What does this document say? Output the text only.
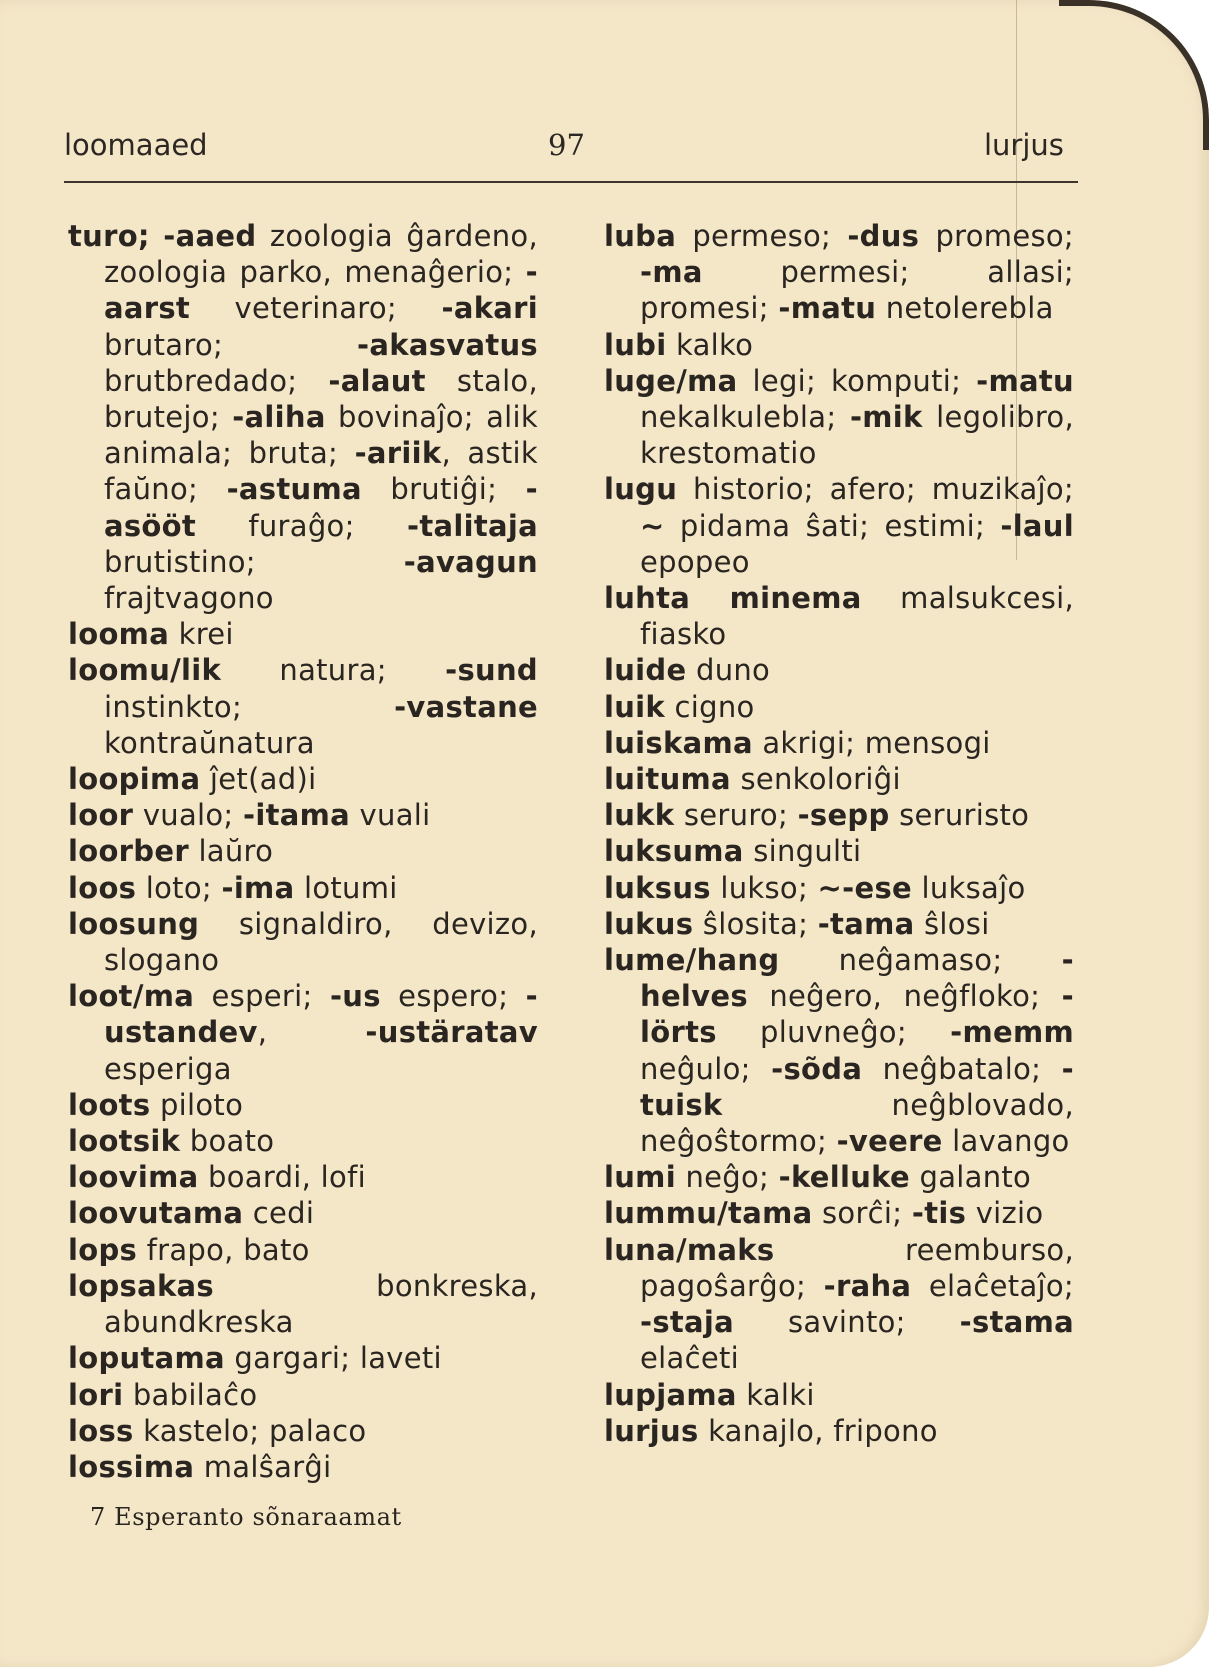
loomaaed	97	lurjus

turo; -aaed zoologia ĝardeno, zoologia parko, menaĝerio; -aarst veterinaro; -akari brutaro; -akasvatus brutbredado; -alaut stalo, brutejo; -aliha bovinaĵo; alik animala; bruta; -ariik, astik faŭno; -astuma brutiĝi; -asööt furaĝo; -talitaja brutistino; -avagun frajtvagono

looma krei

loomu/lik natura; -sund instinkto; -vastane kontraŭnatura

loopima ĵet(ad)i

loor vualo; -itama vuali

loorber laŭro

loos loto; -ima lotumi

loosung signaldiro, devizo, slogano

loot/ma esperi; -us espero; -ustandev, -ustäratav esperiga

loots piloto

lootsik boato

loovima boardi, lofi

loovutama cedi

lops frapo, bato

lopsakas bonkreska, abundkreska

loputama gargari; laveti

lori babilaĉo

loss kastelo; palaco

lossima malŝarĝi

luba permeso; -dus promeso; -ma permesi; allasi; promesi; -matu netolerebla

lubi kalko

luge/ma legi; komputi; -matu nekalkulebla; -mik legolibro, krestomatio

lugu historio; afero; muzikaĵo; ~ pidama ŝati; estimi; -laul epopeo

luhta minema malsukcesi, fiasko

luide duno

luik cigno

luiskama akrigi; mensogi

luituma senkoloriĝi

lukk seruro; -sepp seruristo

luksuma singulti

luksus lukso; ~-ese luksaĵo

lukus ŝlosita; -tama ŝlosi

lume/hang neĝamaso; -helves neĝero, neĝfloko; -lörts pluvneĝo; -memm neĝulo; -sõda neĝbatalo; -tuisk neĝblovado, neĝoŝtormo; -veere lavango

lumi neĝo; -kelluke galanto

lummu/tama sorĉi; -tis vizio

luna/maks reemburso, pagoŝarĝo; -raha elaĉetaĵo; -staja savinto; -stama elaĉeti

lupjama kalki

lurjus kanajlo, fripono

7 Esperanto sõnaraamat
